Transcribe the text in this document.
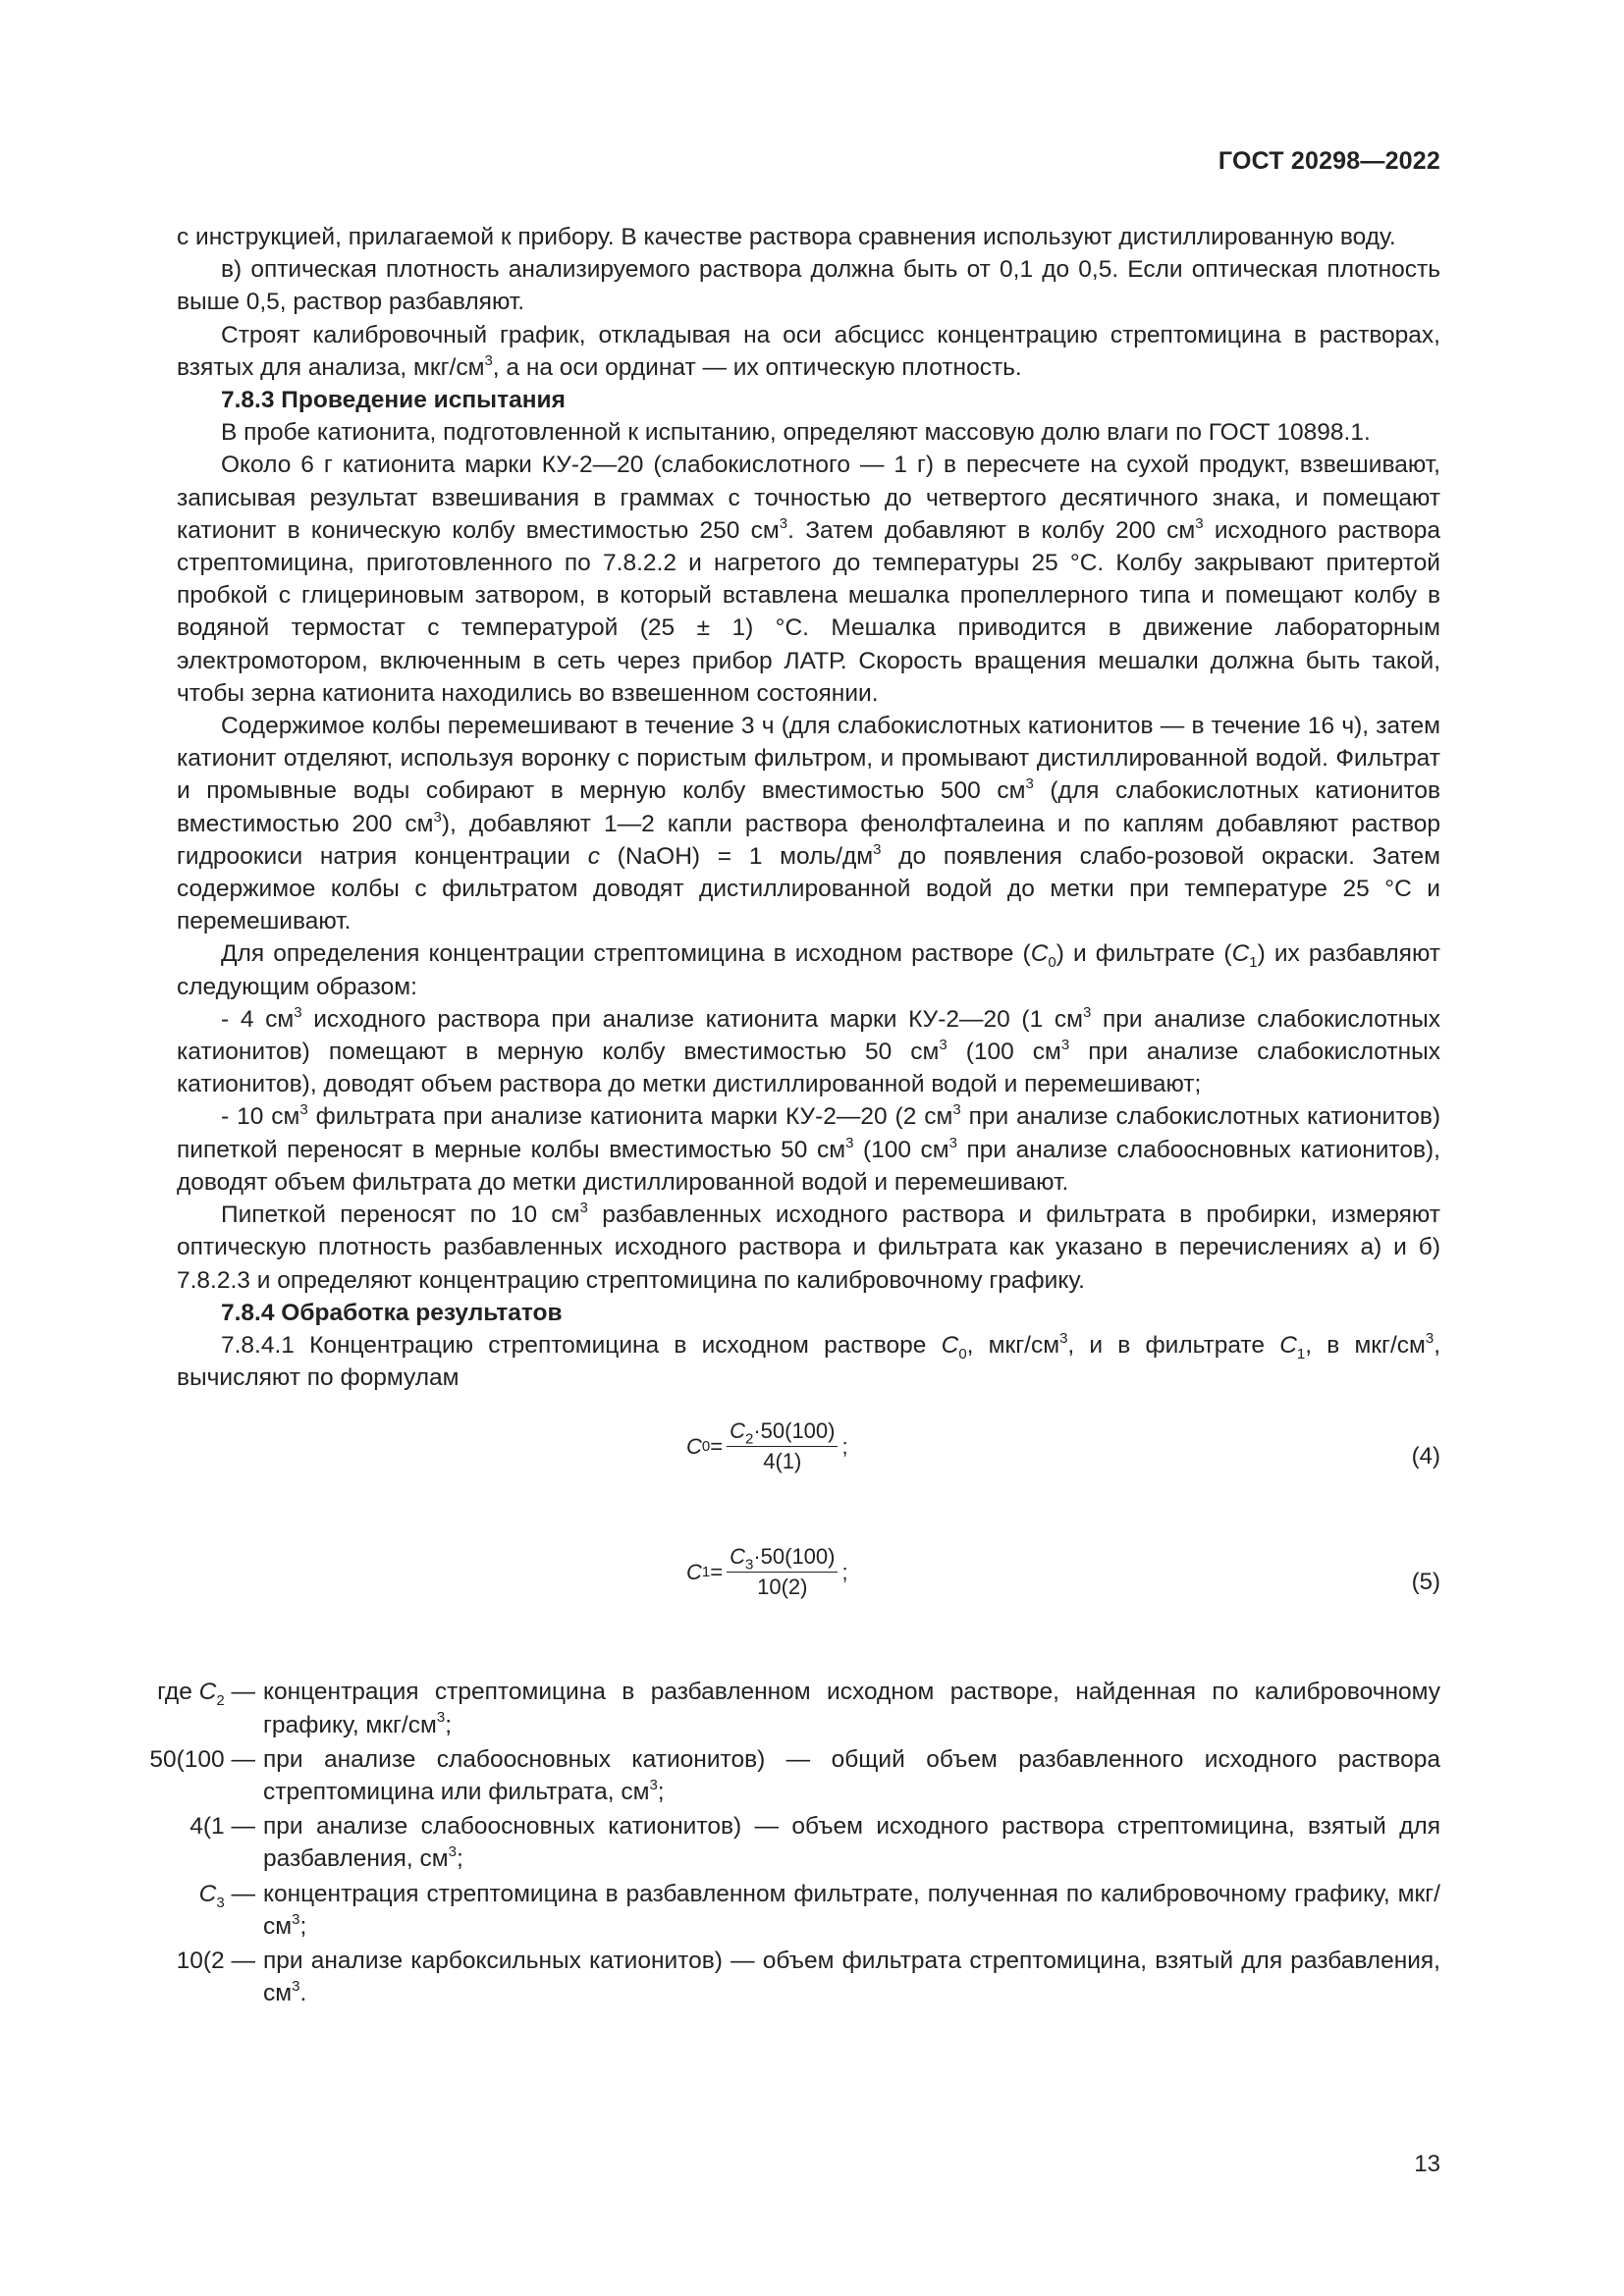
ГОСТ 20298—2022

с инструкцией, прилагаемой к прибору. В качестве раствора сравнения используют дистиллированную воду.

в) оптическая плотность анализируемого раствора должна быть от 0,1 до 0,5. Если оптическая плотность выше 0,5, раствор разбавляют.

Строят калибровочный график, откладывая на оси абсцисс концентрацию стрептомицина в растворах, взятых для анализа, мкг/$см^3$, а на оси ординат — их оптическую плотность.

7.8.3 Проведение испытания

В пробе катионита, подготовленной к испытанию, определяют массовую долю влаги по ГОСТ 10898.1.

Около 6 г катионита марки КУ-2—20 (слабокислотного — 1 г) в пересчете на сухой продукт, взвешивают, записывая результат взвешивания в граммах с точностью до четвертого десятичного знака, и помещают катионит в коническую колбу вместимостью 250 $см^3$. Затем добавляют в колбу 200 $см^3$ исходного раствора стрептомицина, приготовленного по 7.8.2.2 и нагретого до температуры 25 °C. Колбу закрывают притертой пробкой с глицериновым затвором, в который вставлена мешалка пропеллерного типа и помещают колбу в водяной термостат с температурой (25 ± 1) °C. Мешалка приводится в движение лабораторным электромотором, включенным в сеть через прибор ЛАТР. Скорость вращения мешалки должна быть такой, чтобы зерна катионита находились во взвешенном состоянии.

Содержимое колбы перемешивают в течение 3 ч (для слабокислотных катионитов — в течение 16 ч), затем катионит отделяют, используя воронку с пористым фильтром, и промывают дистиллированной водой. Фильтрат и промывные воды собирают в мерную колбу вместимостью 500 $см^3$ (для слабокислотных катионитов вместимостью 200 $см^3$), добавляют 1—2 капли раствора фенолфталеина и по каплям добавляют раствор гидроокиси натрия концентрации c (NaOH) = 1 моль/$дм^3$ до появления слабо-розовой окраски. Затем содержимое колбы с фильтратом доводят дистиллированной водой до метки при температуре 25 °C и перемешивают.

Для определения концентрации стрептомицина в исходном растворе $(C_0)$ и фильтрате $(C_1)$ их разбавляют следующим образом:

- 4 $см^3$ исходного раствора при анализе катионита марки КУ-2—20 (1 $см^3$ при анализе слабокислотных катионитов) помещают в мерную колбу вместимостью 50 $см^3$ (100 $см^3$ при анализе слабокислотных катионитов), доводят объем раствора до метки дистиллированной водой и перемешивают;

- 10 $см^3$ фильтрата при анализе катионита марки КУ-2—20 (2 $см^3$ при анализе слабокислотных катионитов) пипеткой переносят в мерные колбы вместимостью 50 $см^3$ (100 $см^3$ при анализе слабоосновных катионитов), доводят объем фильтрата до метки дистиллированной водой и перемешивают.

Пипеткой переносят по 10 $см^3$ разбавленных исходного раствора и фильтрата в пробирки, измеряют оптическую плотность разбавленных исходного раствора и фильтрата как указано в перечислениях а) и б) 7.8.2.3 и определяют концентрацию стрептомицина по калибровочному графику.

7.8.4 Обработка результатов

7.8.4.1 Концентрацию стрептомицина в исходном растворе $C_0$, мкг/$см^3$, и в фильтрате $C_1$, в мкг/$см^3$, вычисляют по формулам

C $0 = \frac{C_2\cdot 50(100)}{4(1)}$ ;	(4)
C $1 = \frac{C_3\cdot 50(100)}{10(2)}$ ;	(5)
где $C_2$ — концентрация стрептомицина в разбавленном исходном растворе, найденная по калибровочному графику, мкг/$см^3$;
50(100 — при анализе слабоосновных катионитов) — общий объем разбавленного исходного раствора стрептомицина или фильтрата, $см^3$;
4(1 — при анализе слабоосновных катионитов) — объем исходного раствора стрептомицина, взятый для разбавления, $см^3$;
$C_3$ — концентрация стрептомицина в разбавленном фильтрате, полученная по калибровочному графику, мкг/$см^3$;
10(2 — при анализе карбоксильных катионитов) — объем фильтрата стрептомицина, взятый для разбавления, $см^3$.
13
